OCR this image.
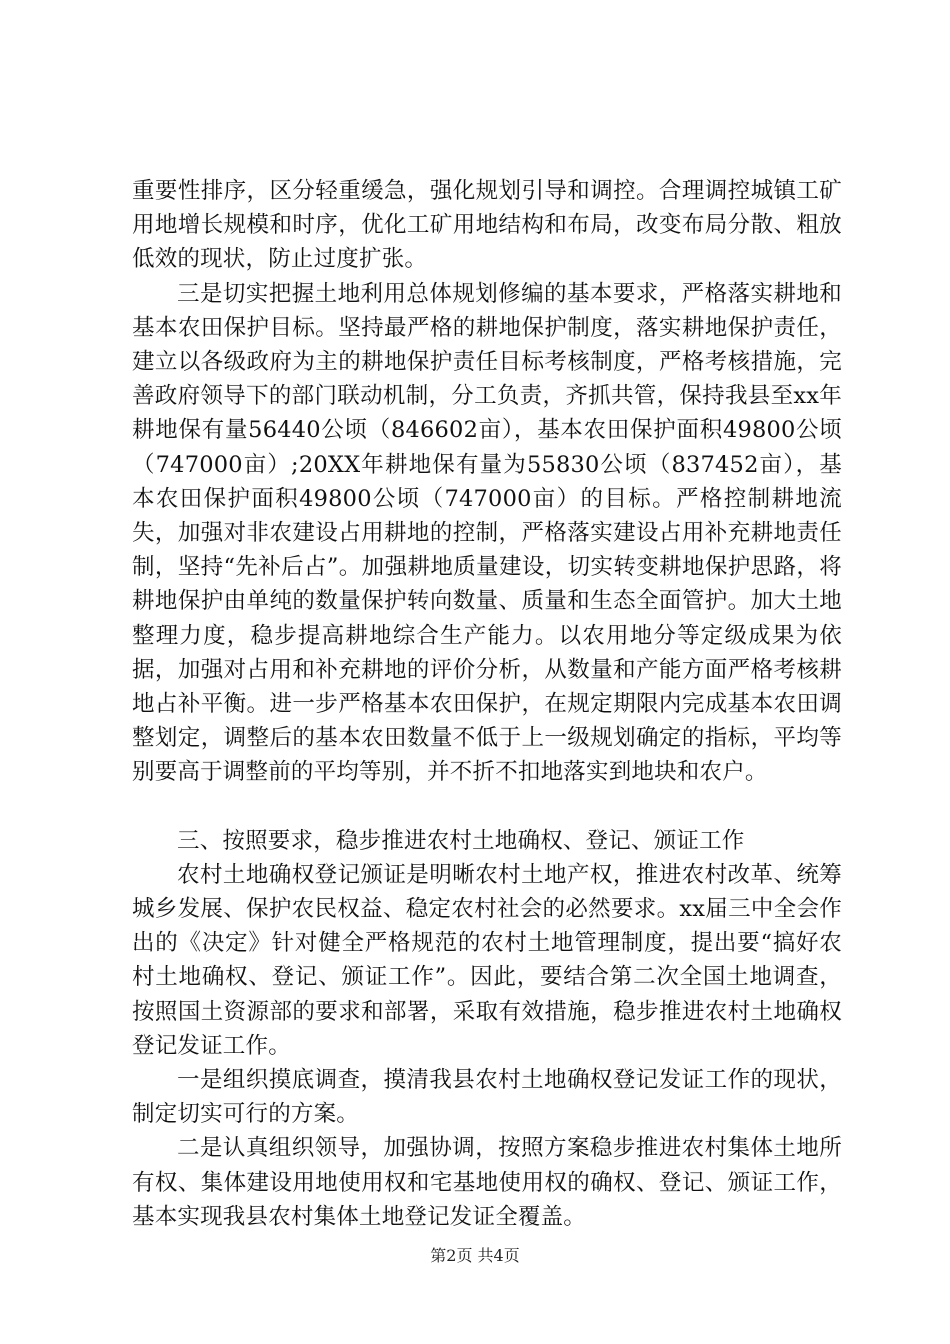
重要性排序，区分轻重缓急，强化规划引导和调控。合理调控城镇工矿用地增长规模和时序，优化工矿用地结构和布局，改变布局分散、粗放低效的现状，防止过度扩张。

三是切实把握土地利用总体规划修编的基本要求，严格落实耕地和基本农田保护目标。坚持最严格的耕地保护制度，落实耕地保护责任，建立以各级政府为主的耕地保护责任目标考核制度，严格考核措施，完善政府领导下的部门联动机制，分工负责，齐抓共管，保持我县至xx年耕地保有量56440公顷（846602亩），基本农田保护面积49800公顷（747000亩）;20XX年耕地保有量为55830公顷（837452亩），基本农田保护面积49800公顷（747000亩）的目标。严格控制耕地流失，加强对非农建设占用耕地的控制，严格落实建设占用补充耕地责任制，坚持“先补后占”。加强耕地质量建设，切实转变耕地保护思路，将耕地保护由单纯的数量保护转向数量、质量和生态全面管护。加大土地整理力度，稳步提高耕地综合生产能力。以农用地分等定级成果为依据，加强对占用和补充耕地的评价分析，从数量和产能方面严格考核耕地占补平衡。进一步严格基本农田保护，在规定期限内完成基本农田调整划定，调整后的基本农田数量不低于上一级规划确定的指标，平均等别要高于调整前的平均等别，并不折不扣地落实到地块和农户。

三、按照要求，稳步推进农村土地确权、登记、颁证工作

农村土地确权登记颁证是明晰农村土地产权，推进农村改革、统筹城乡发展、保护农民权益、稳定农村社会的必然要求。xx届三中全会作出的《决定》针对健全严格规范的农村土地管理制度，提出要“搞好农村土地确权、登记、颁证工作”。因此，要结合第二次全国土地调查，按照国土资源部的要求和部署，采取有效措施，稳步推进农村土地确权登记发证工作。

一是组织摸底调查，摸清我县农村土地确权登记发证工作的现状，制定切实可行的方案。

二是认真组织领导，加强协调，按照方案稳步推进农村集体土地所有权、集体建设用地使用权和宅基地使用权的确权、登记、颁证工作，基本实现我县农村集体土地登记发证全覆盖。

第2页 共4页
